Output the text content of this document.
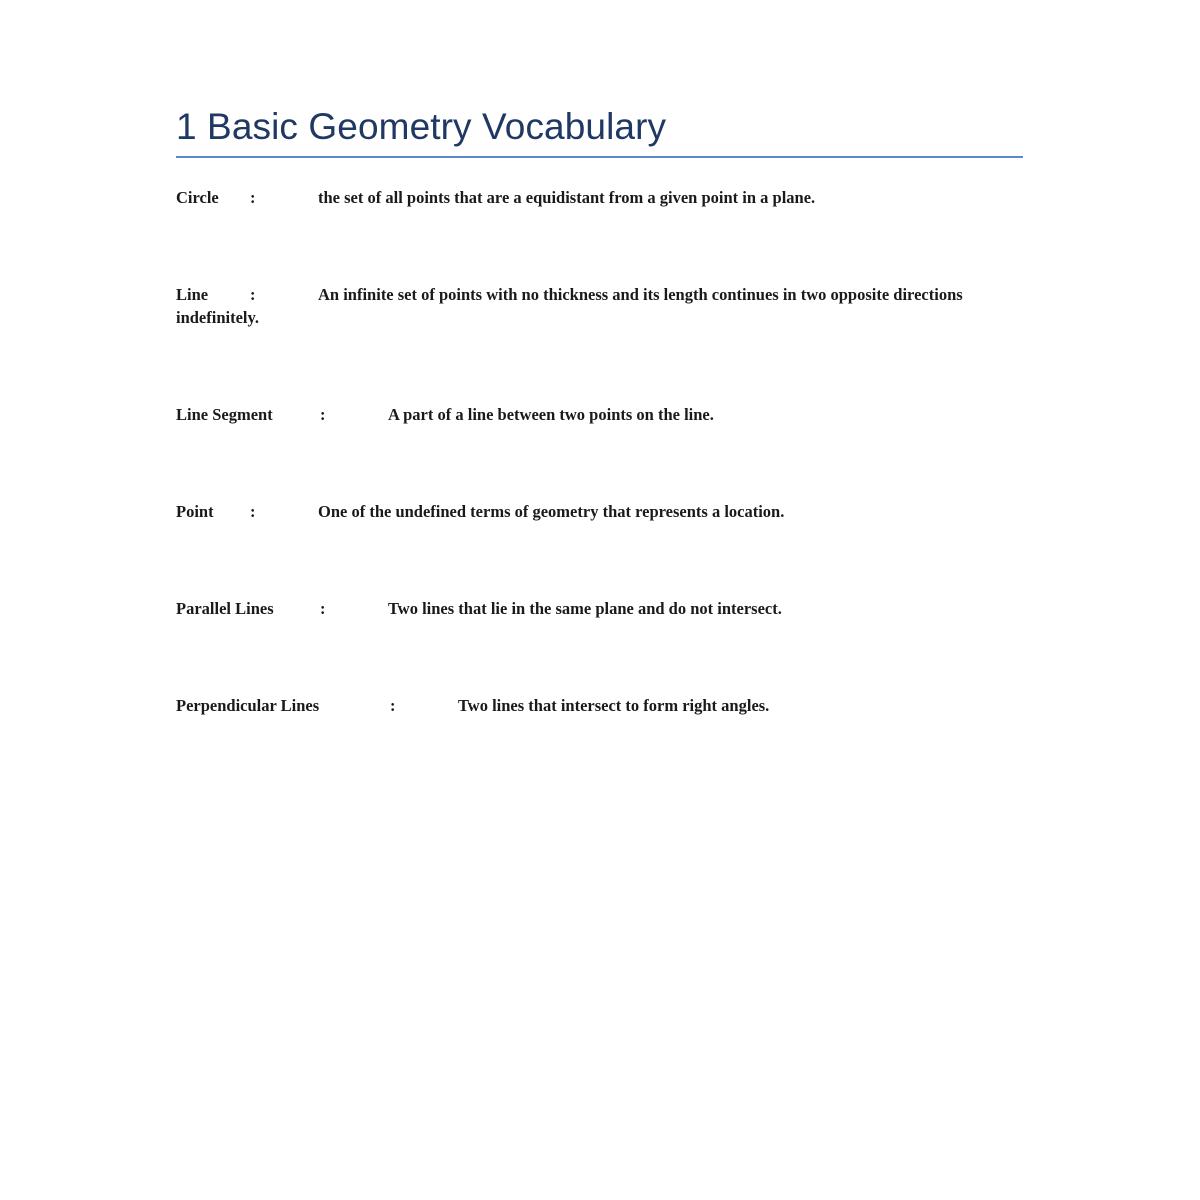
1 Basic Geometry Vocabulary
Circle :	the set of all points that are a equidistant from a given point in a plane.
Line	:	An infinite set of points with no thickness and its length continues in two opposite directions indefinitely.
Line Segment	:	A part of a line between two points on the line.
Point :	One of the undefined terms of geometry that represents a location.
Parallel Lines	:	Two lines that lie in the same plane and do not intersect.
Perpendicular Lines	:	Two lines that intersect to form right angles.
